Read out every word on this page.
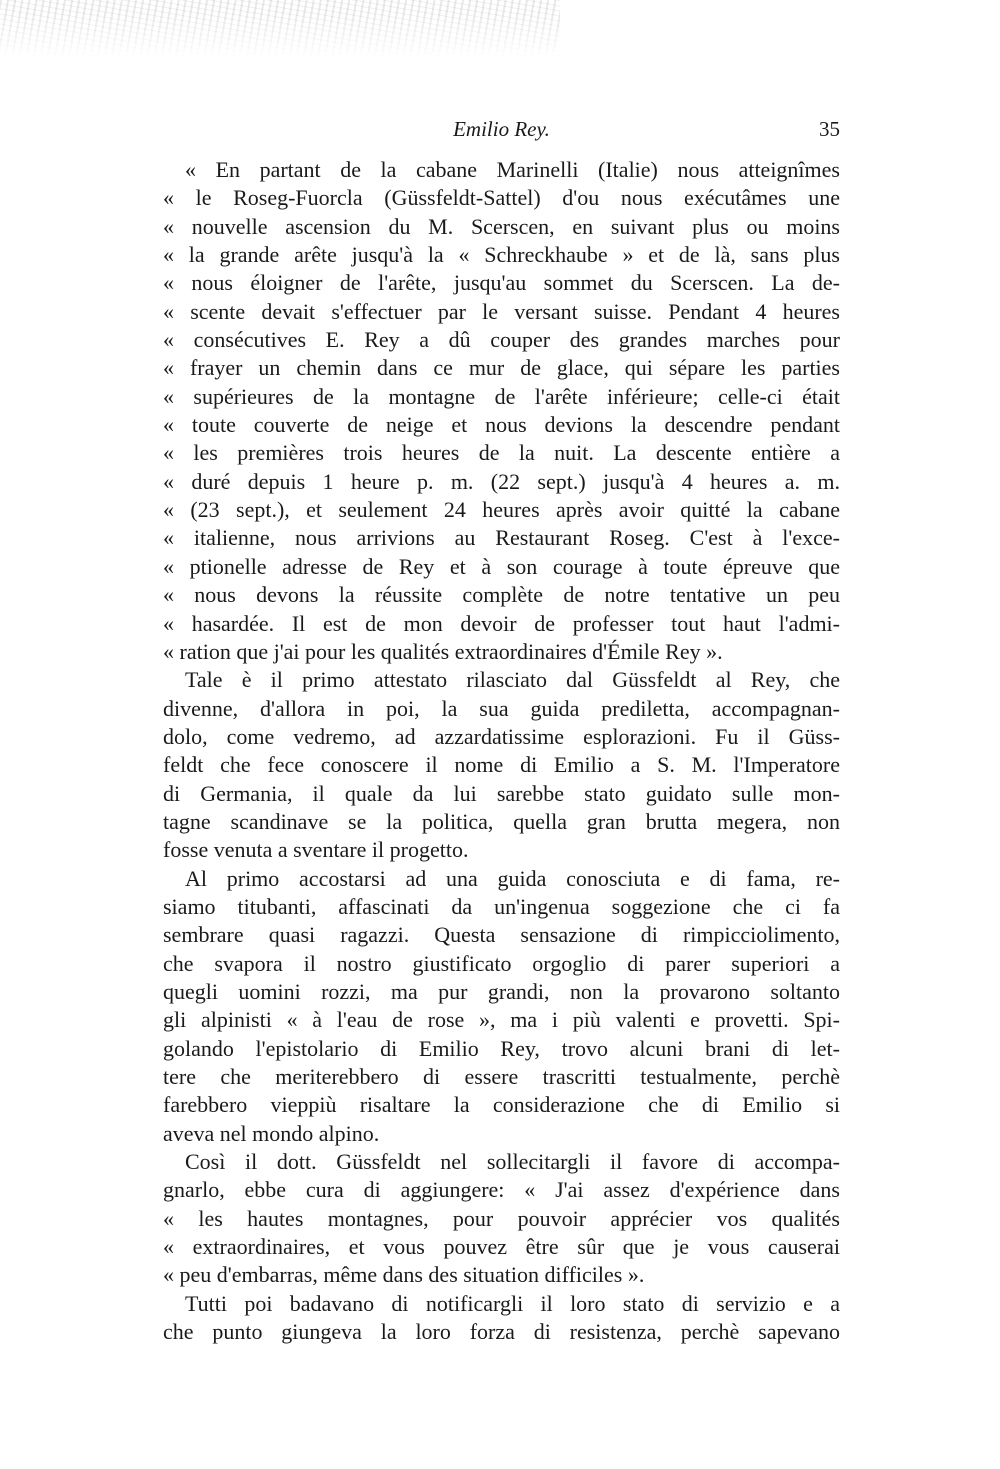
Emilio Rey.	35
« En partant de la cabane Marinelli (Italie) nous atteignîmes
« le Roseg-Fuorcla (Güssfeldt-Sattel) d'ou nous exécutâmes une
« nouvelle ascension du M. Scerscen, en suivant plus ou moins
« la grande arête jusqu'à la « Schreckhaube » et de là, sans plus
« nous éloigner de l'arête, jusqu'au sommet du Scerscen. La de-
« scente devait s'effectuer par le versant suisse. Pendant 4 heures
« consécutives E. Rey a dû couper des grandes marches pour
« frayer un chemin dans ce mur de glace, qui sépare les parties
« supérieures de la montagne de l'arête inférieure; celle-ci était
« toute couverte de neige et nous devions la descendre pendant
« les premières trois heures de la nuit. La descente entière a
« duré depuis 1 heure p. m. (22 sept.) jusqu'à 4 heures a. m.
« (23 sept.), et seulement 24 heures après avoir quitté la cabane
« italienne, nous arrivions au Restaurant Roseg. C'est à l'exce-
« ptionelle adresse de Rey et à son courage à toute épreuve que
« nous devons la réussite complète de notre tentative un peu
« hasardée. Il est de mon devoir de professer tout haut l'admi-
« ration que j'ai pour les qualités extraordinaires d'Émile Rey ».
Tale è il primo attestato rilasciato dal Güssfeldt al Rey, che
divenne, d'allora in poi, la sua guida prediletta, accompagnan-
dolo, come vedremo, ad azzardatissime esplorazioni. Fu il Güss-
feldt che fece conoscere il nome di Emilio a S. M. l'Imperatore
di Germania, il quale da lui sarebbe stato guidato sulle mon-
tagne scandinave se la politica, quella gran brutta megera, non
fosse venuta a sventare il progetto.
Al primo accostarsi ad una guida conosciuta e di fama, re-
siamo titubanti, affascinati da un'ingenua soggezione che ci fa
sembrare quasi ragazzi. Questa sensazione di rimpicciolimento,
che svapora il nostro giustificato orgoglio di parer superiori a
quegli uomini rozzi, ma pur grandi, non la provarono soltanto
gli alpinisti « à l'eau de rose », ma i più valenti e provetti. Spi-
golando l'epistolario di Emilio Rey, trovo alcuni brani di let-
tere che meriterebbero di essere trascritti testualmente, perchè
farebbero vieppiù risaltare la considerazione che di Emilio si
aveva nel mondo alpino.
Così il dott. Güssfeldt nel sollecitargli il favore di accompa-
gnarlo, ebbe cura di aggiungere: « J'ai assez d'expérience dans
« les hautes montagnes, pour pouvoir apprécier vos qualités
« extraordinaires, et vous pouvez être sûr que je vous causerai
« peu d'embarras, même dans des situation difficiles ».
Tutti poi badavano di notificargli il loro stato di servizio e a
che punto giungeva la loro forza di resistenza, perchè sapevano
